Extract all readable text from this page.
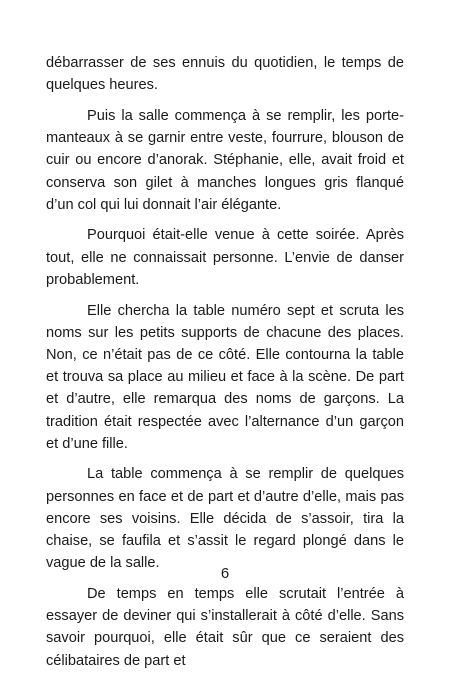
débarrasser de ses ennuis du quotidien, le temps de quelques heures.

Puis la salle commença à se remplir, les porte-manteaux à se garnir entre veste, fourrure, blouson de cuir ou encore d’anorak. Stéphanie, elle, avait froid et conserva son gilet à manches longues gris flanqué d’un col qui lui donnait l’air élégante.

Pourquoi était-elle venue à cette soirée. Après tout, elle ne connaissait personne. L’envie de danser probablement.

Elle chercha la table numéro sept et scruta les noms sur les petits supports de chacune des places. Non, ce n’était pas de ce côté. Elle contourna la table et trouva sa place au milieu et face à la scène. De part et d’autre, elle remarqua des noms de garçons. La tradition était respectée avec l’alternance d’un garçon et d’une fille.

La table commença à se remplir de quelques personnes en face et de part et d’autre d’elle, mais pas encore ses voisins. Elle décida de s’assoir, tira la chaise, se faufila et s’assit le regard plongé dans le vague de la salle.

De temps en temps elle scrutait l’entrée à essayer de deviner qui s’installerait à côté d’elle. Sans savoir pourquoi, elle était sûr que ce seraient des célibataires de part et

6
